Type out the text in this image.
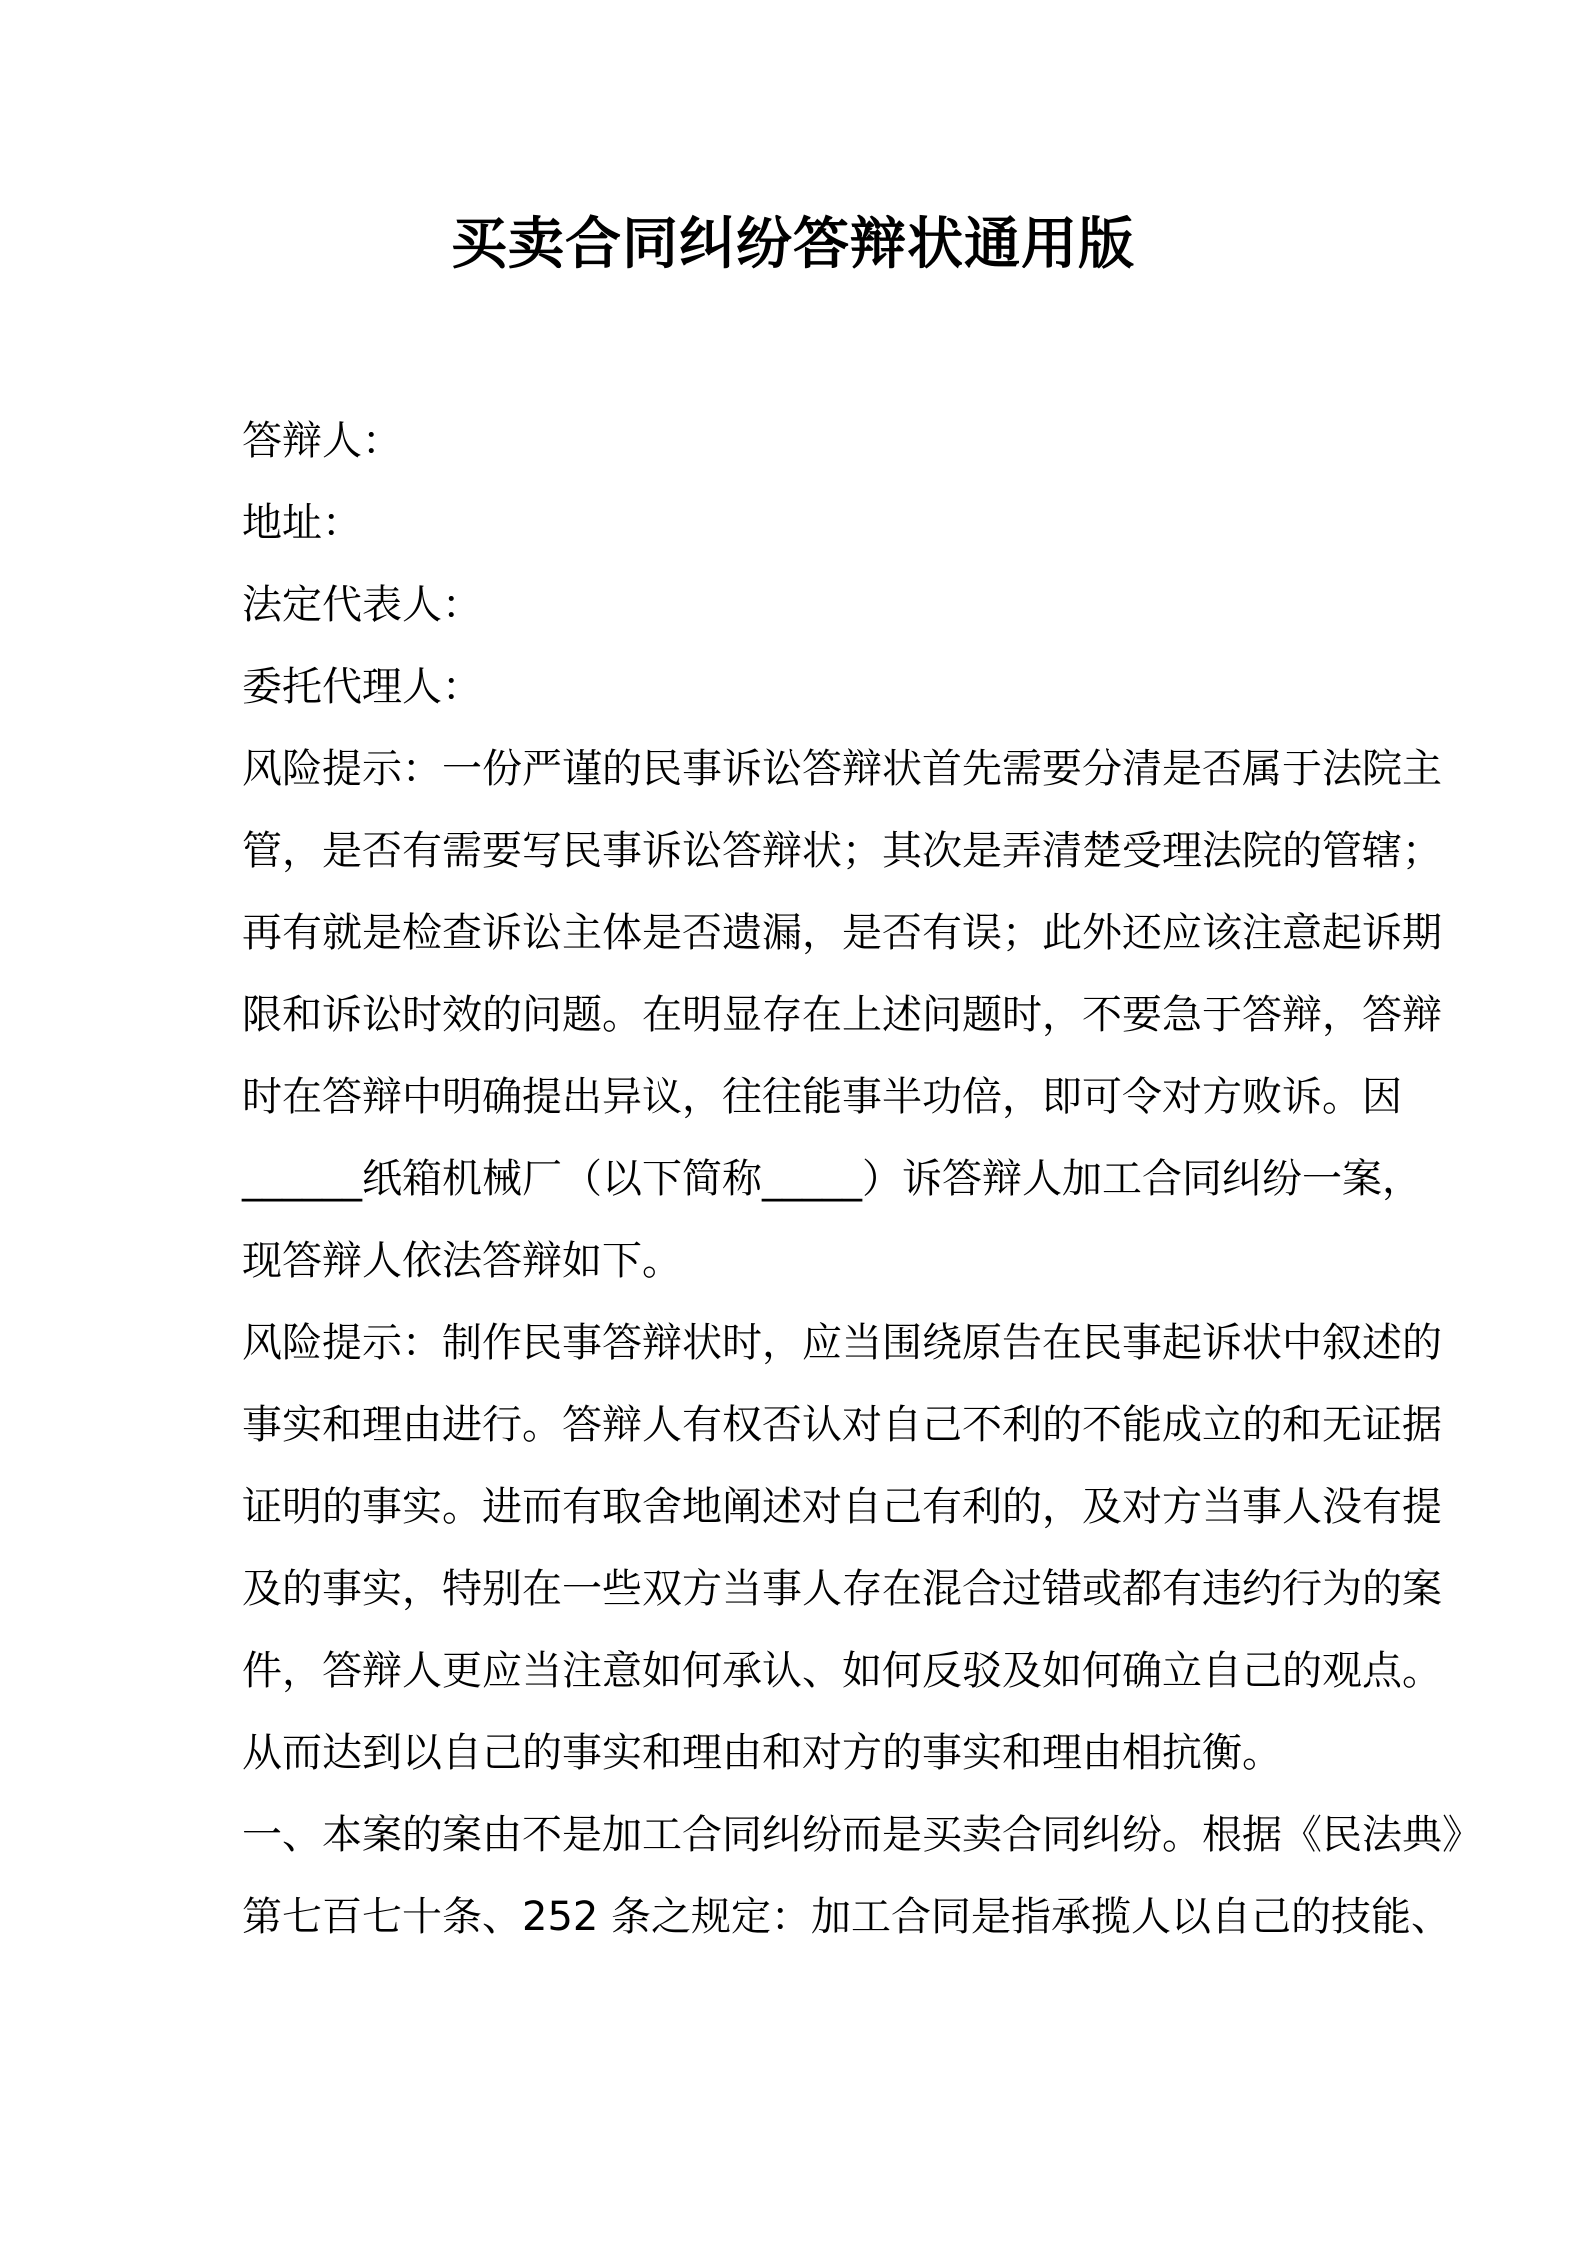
买卖合同纠纷答辩状通用版
答辩人：
地址：
法定代表人：
委托代理人：
风险提示：一份严谨的民事诉讼答辩状首先需要分清是否属于法院主
管，是否有需要写民事诉讼答辩状；其次是弄清楚受理法院的管辖；
再有就是检查诉讼主体是否遗漏，是否有误；此外还应该注意起诉期
限和诉讼时效的问题。在明显存在上述问题时，不要急于答辩，答辩
时在答辩中明确提出异议，往往能事半功倍，即可令对方败诉。因
______纸箱机械厂（以下简称_____）诉答辩人加工合同纠纷一案，
现答辩人依法答辩如下。
风险提示：制作民事答辩状时，应当围绕原告在民事起诉状中叙述的
事实和理由进行。答辩人有权否认对自己不利的不能成立的和无证据
证明的事实。进而有取舍地阐述对自己有利的，及对方当事人没有提
及的事实，特别在一些双方当事人存在混合过错或都有违约行为的案
件，答辩人更应当注意如何承认、如何反驳及如何确立自己的观点。
从而达到以自己的事实和理由和对方的事实和理由相抗衡。
一、本案的案由不是加工合同纠纷而是买卖合同纠纷。根据《民法典》
第七百七十条、252 条之规定：加工合同是指承揽人以自己的技能、
